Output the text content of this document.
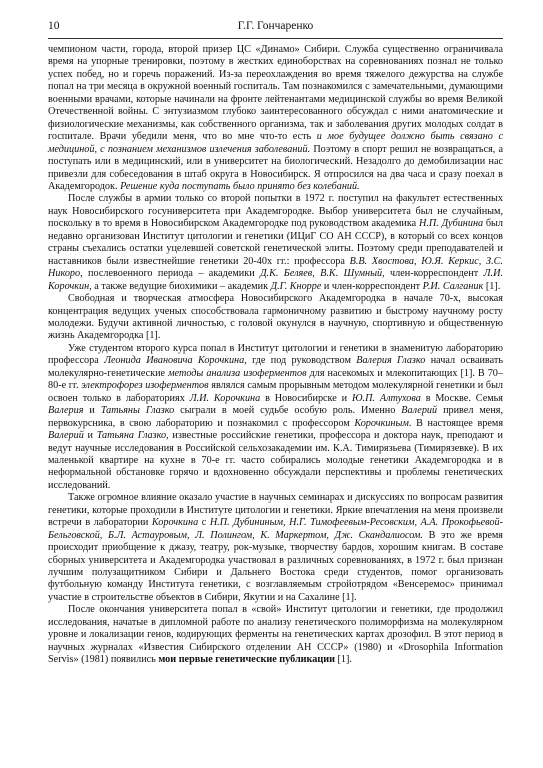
10	Г.Г. Гончаренко

чемпионом части, города, второй призер ЦС «Динамо» Сибири. Служба существенно ограничивала время на упорные тренировки, поэтому в жестких единоборствах на соревнованиях познал не только успех побед, но и горечь поражений. Из-за переохлаждения во время тяжелого дежурства на службе попал на три месяца в окружной военный госпиталь. Там познакомился с замечательными, думающими военными врачами, которые начинали на фронте лейтенантами медицинской службы во время Великой Отечественной войны. С энтузиазмом глубоко заинтересованного обсуждал с ними анатомические и физиологические механизмы, как собственного организма, так и заболевания других молодых солдат в госпитале. Врачи убедили меня, что во мне что-то есть и мое будущее должно быть связано с медициной, с познанием механизмов излечения заболеваний. Поэтому в спорт решил не возвращаться, а поступать или в медицинский, или в университет на биологический. Незадолго до демобилизации нас привезли для собеседования в штаб округа в Новосибирск. Я отпросился на два часа и сразу поехал в Академгородок. Решение куда поступать было принято без колебаний.

После службы в армии только со второй попытки в 1972 г. поступил на факультет естественных наук Новосибирского госуниверситета при Академгородке. Выбор университета был не случайным, поскольку в то время в Новосибирском Академгородке под руководством академика Н.П. Дубинина был недавно организован Институт цитологии и генетики (ИЦиГ СО АН СССР), в который со всех концов страны съехались остатки уцелевшей советской генетической элиты. Поэтому среди преподавателей и наставников были известнейшие генетики 20-40х гг.: профессора В.В. Хвостова, Ю.Я. Керкис, З.С. Никоро, послевоенного периода – академики Д.К. Беляев, В.К. Шумный, член-корреспондент Л.И. Корочкин, а также ведущие биохимики – академик Д.Г. Кнорре и член-корреспондент Р.И. Салганик [1].

Свободная и творческая атмосфера Новосибирского Академгородка в начале 70-х, высокая концентрация ведущих ученых способствовала гармоничному развитию и быстрому научному росту молодежи. Будучи активной личностью, с головой окунулся в научную, спортивную и общественную жизнь Академгородка [1].

Уже студентом второго курса попал в Институт цитологии и генетики в знаменитую лабораторию профессора Леонида Ивановича Корочкина, где под руководством Валерия Глазко начал осваивать молекулярно-генетические методы анализа изоферментов для насекомых и млекопитающих [1]. В 70–80-е гг. электрофорез изоферментов являлся самым прорывным методом молекулярной генетики и был освоен только в лабораториях Л.И. Корочкина в Новосибирске и Ю.П. Алтухова в Москве. Семья Валерия и Татьяны Глазко сыграли в моей судьбе особую роль. Именно Валерий привел меня, первокурсника, в свою лабораторию и познакомил с профессором Корочкиным. В настоящее время Валерий и Татьяна Глазко, известные российские генетики, профессора и доктора наук, преподают и ведут научные исследования в Российской сельхозакадемии им. К.А. Тимирязьева (Тимирязевке). В их маленькой квартире на кухне в 70-е гг. часто собирались молодые генетики Академгородка и в неформальной обстановке горячо и вдохновенно обсуждали перспективы и проблемы генетических исследований.

Также огромное влияние оказало участие в научных семинарах и дискуссиях по вопросам развития генетики, которые проходили в Институте цитологии и генетики. Яркие впечатления на меня произвели встречи в лаборатории Корочкина с Н.П. Дубининым, Н.Г. Тимофеевым-Ресовским, А.А. Прокофьевой-Бельговской, Б.Л. Астауровым, Л. Полингом, К. Маркертом, Дж. Скандалиосом. В это же время происходит приобщение к джазу, театру, рок-музыке, творчеству бардов, хорошим книгам. В составе сборных университета и Академгородка участвовал в различных соревнованиях, в 1972 г. был признан лучшим полузащитником Сибири и Дальнего Востока среди студентов, помог организовать футбольную команду Института генетики, с возглавляемым стройотрядом «Венсеремос» принимал участие в строительстве объектов в Сибири, Якутии и на Сахалине [1].

После окончания университета попал в «свой» Институт цитологии и генетики, где продолжил исследования, начатые в дипломной работе по анализу генетического полиморфизма на молекулярном уровне и локализации генов, кодирующих ферменты на генетических картах дрозофил. В этот период в научных журналах «Известия Сибирского отделении АН СССР» (1980) и «Drosophila Information Servis» (1981) появились мои первые генетические публикации [1].
